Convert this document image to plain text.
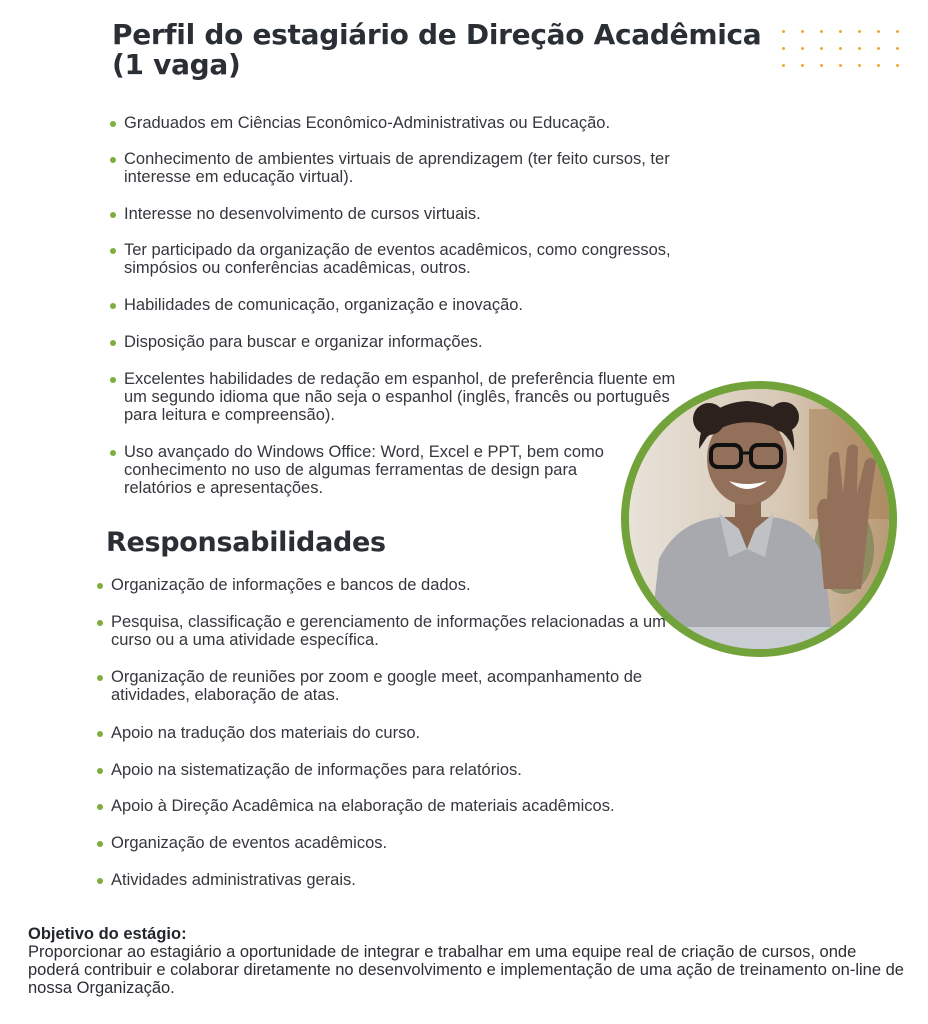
Perfil do estagiário de Direção Acadêmica (1 vaga)
Graduados em Ciências Econômico-Administrativas ou Educação.
Conhecimento de ambientes virtuais de aprendizagem (ter feito cursos, ter interesse em educação virtual).
Interesse no desenvolvimento de cursos virtuais.
Ter participado da organização de eventos acadêmicos, como congressos, simpósios ou conferências acadêmicas, outros.
Habilidades de comunicação, organização e inovação.
Disposição para buscar e organizar informações.
Excelentes habilidades de redação em espanhol, de preferência fluente em um segundo idioma que não seja o espanhol (inglês, francês ou português para leitura e compreensão).
Uso avançado do Windows Office: Word, Excel e PPT, bem como conhecimento no uso de algumas ferramentas de design para relatórios e apresentações.
Responsabilidades
Organização de informações e bancos de dados.
Pesquisa, classificação e gerenciamento de informações relacionadas a um curso ou a uma atividade específica.
Organização de reuniões por zoom e google meet, acompanhamento de atividades, elaboração de atas.
Apoio na tradução dos materiais do curso.
Apoio na sistematização de informações para relatórios.
Apoio à Direção Acadêmica na elaboração de materiais acadêmicos.
Organização de eventos acadêmicos.
Atividades administrativas gerais.
Objetivo do estágio:
Proporcionar ao estagiário a oportunidade de integrar e trabalhar em uma equipe real de criação de cursos, onde poderá contribuir e colaborar diretamente no desenvolvimento e implementação de uma ação de treinamento on-line de nossa Organização.
